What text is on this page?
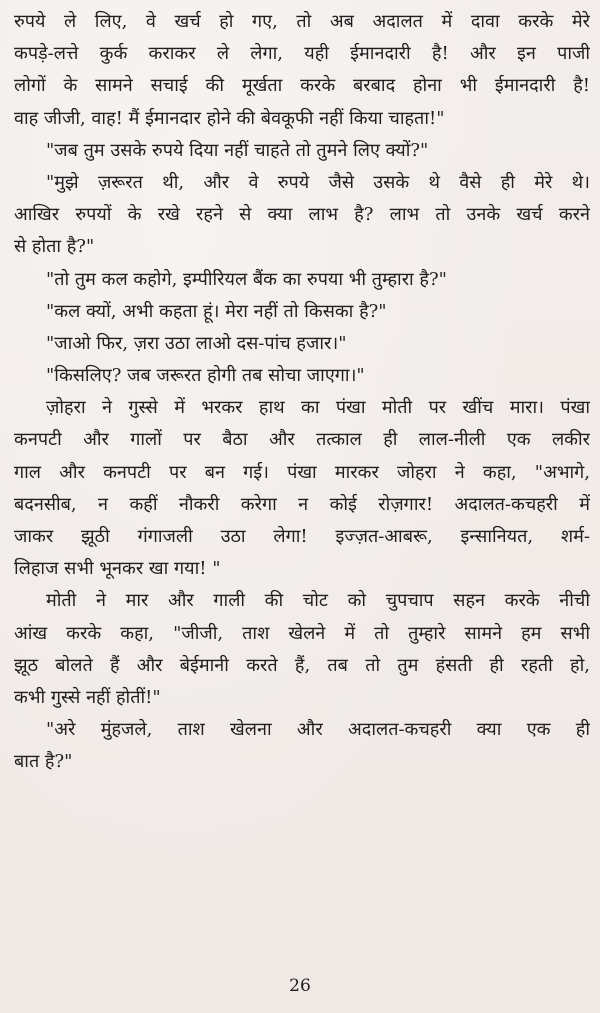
रुपये ले लिए, वे खर्च हो गए, तो अब अदालत में दावा करके मेरे
कपड़े-लत्ते कुर्क कराकर ले लेगा, यही ईमानदारी है! और इन पाजी
लोगों के सामने सचाई की मूर्खता करके बरबाद होना भी ईमानदारी है!
वाह जीजी, वाह! मैं ईमानदार होने की बेवकूफी नहीं किया चाहता!"
"जब तुम उसके रुपये दिया नहीं चाहते तो तुमने लिए क्यों?"
"मुझे ज़रूरत थी, और वे रुपये जैसे उसके थे वैसे ही मेरे थे।
आखिर रुपयों के रखे रहने से क्या लाभ है? लाभ तो उनके खर्च करने
से होता है?"
"तो तुम कल कहोगे, इम्पीरियल बैंक का रुपया भी तुम्हारा है?"
"कल क्यों, अभी कहता हूं। मेरा नहीं तो किसका है?"
"जाओ फिर, ज़रा उठा लाओ दस-पांच हजार।"
"किसलिए? जब जरूरत होगी तब सोचा जाएगा।"
ज़ोहरा ने गुस्से में भरकर हाथ का पंखा मोती पर खींच मारा। पंखा
कनपटी और गालों पर बैठा और तत्काल ही लाल-नीली एक लकीर
गाल और कनपटी पर बन गई। पंखा मारकर जोहरा ने कहा, "अभागे,
बदनसीब, न कहीं नौकरी करेगा न कोई रोज़गार! अदालत-कचहरी में
जाकर झूठी गंगाजली उठा लेगा! इज्ज़त-आबरू, इन्सानियत, शर्म-
लिहाज सभी भूनकर खा गया! "
मोती ने मार और गाली की चोट को चुपचाप सहन करके नीची
आंख करके कहा, "जीजी, ताश खेलने में तो तुम्हारे सामने हम सभी
झूठ बोलते हैं और बेईमानी करते हैं, तब तो तुम हंसती ही रहती हो,
कभी गुस्से नहीं होतीं!"
"अरे मुंहजले, ताश खेलना और अदालत-कचहरी क्या एक ही
बात है?"
26
